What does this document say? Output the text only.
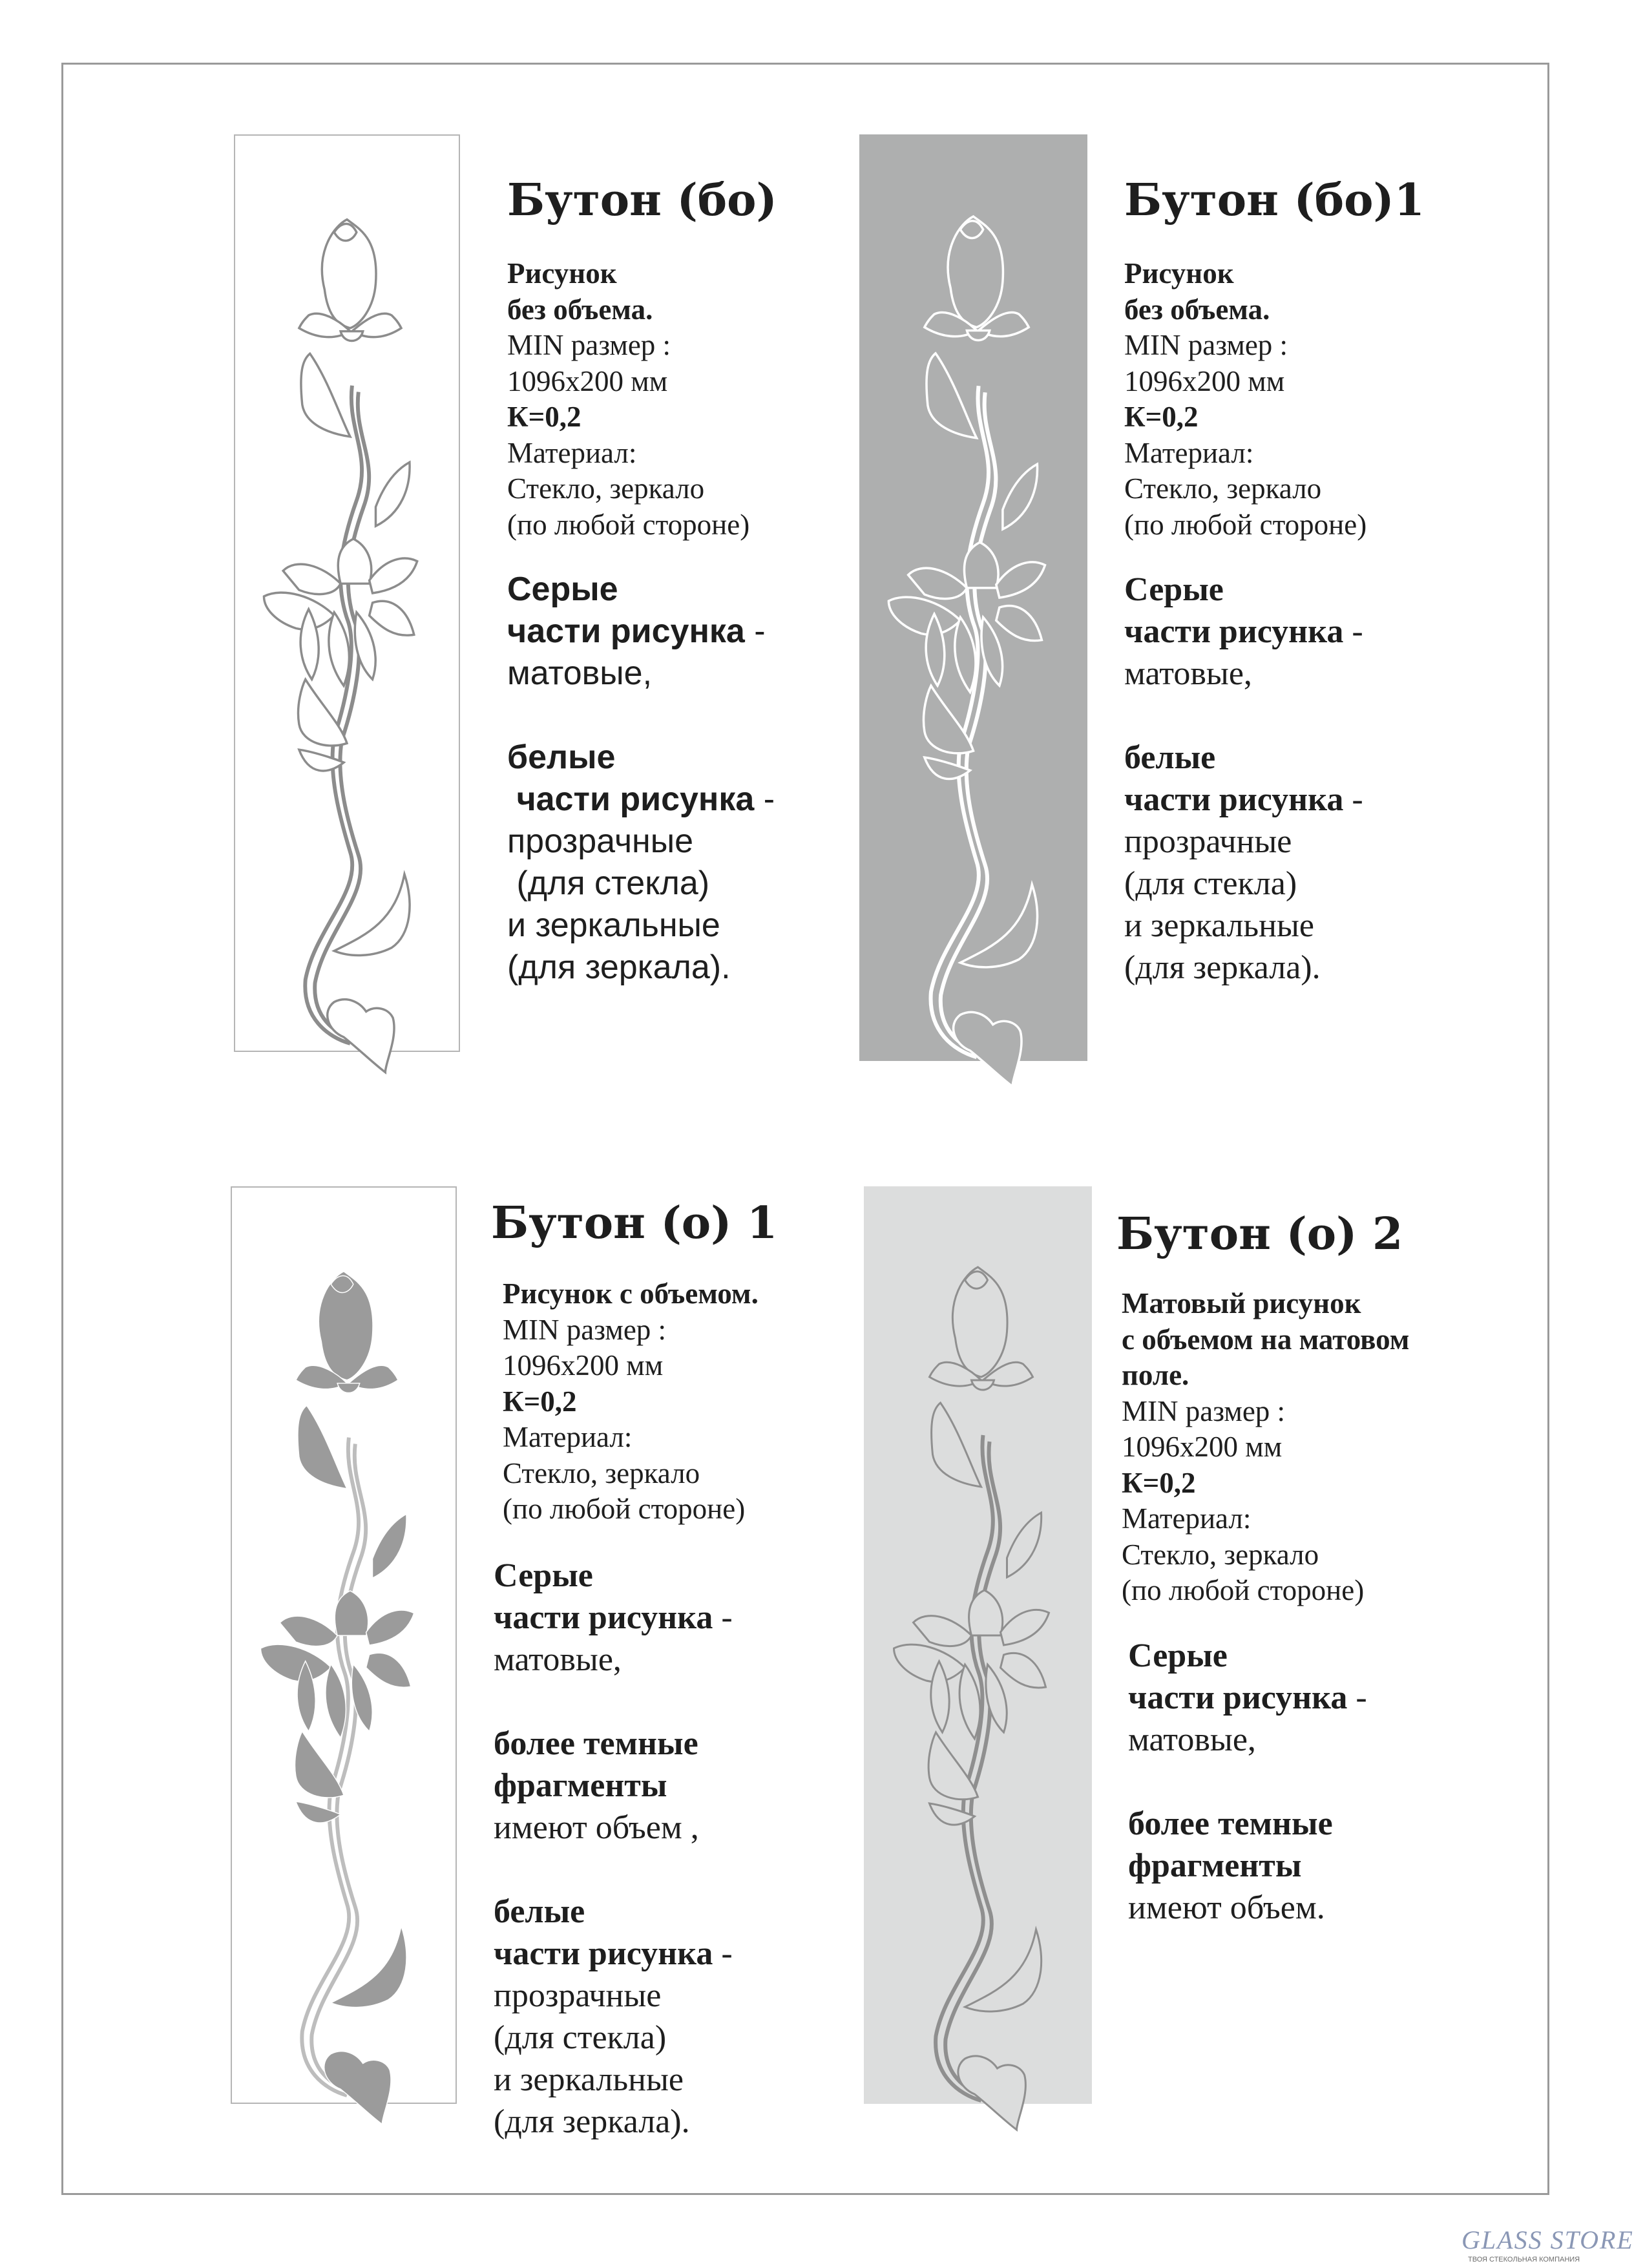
Бутон (бо)
Рисунок
без объема.
MIN размер :
1096x200 мм
К=0,2
Материал:
Стекло, зеркало
(по любой стороне)

Серые
части рисунка -
матовые,

белые
части рисунка -
прозрачные
(для стекла)
и зеркальные
(для зеркала).

Бутон (бо)1
Рисунок
без объема.
MIN размер :
1096x200 мм
К=0,2
Материал:
Стекло, зеркало
(по любой стороне)

Серые
части рисунка -
матовые,

белые
части рисунка -
прозрачные
(для стекла)
и зеркальные
(для зеркала).

Бутон (о) 1
Рисунок с объемом.
MIN размер :
1096x200 мм
К=0,2
Материал:
Стекло, зеркало
(по любой стороне)

Серые
части рисунка -
матовые,

более темные
фрагменты
имеют объем ,

белые
части рисунка -
прозрачные
(для стекла)
и зеркальные
(для зеркала).

Бутон (о) 2
Матовый рисунок
с объемом на матовом
поле.
MIN размер :
1096x200 мм
К=0,2
Материал:
Стекло, зеркало
(по любой стороне)

Серые
части рисунка -
матовые,

более темные
фрагменты
имеют объем.

GLASS STORE
ТВОЯ СТЕКОЛЬНАЯ КОМПАНИЯ
